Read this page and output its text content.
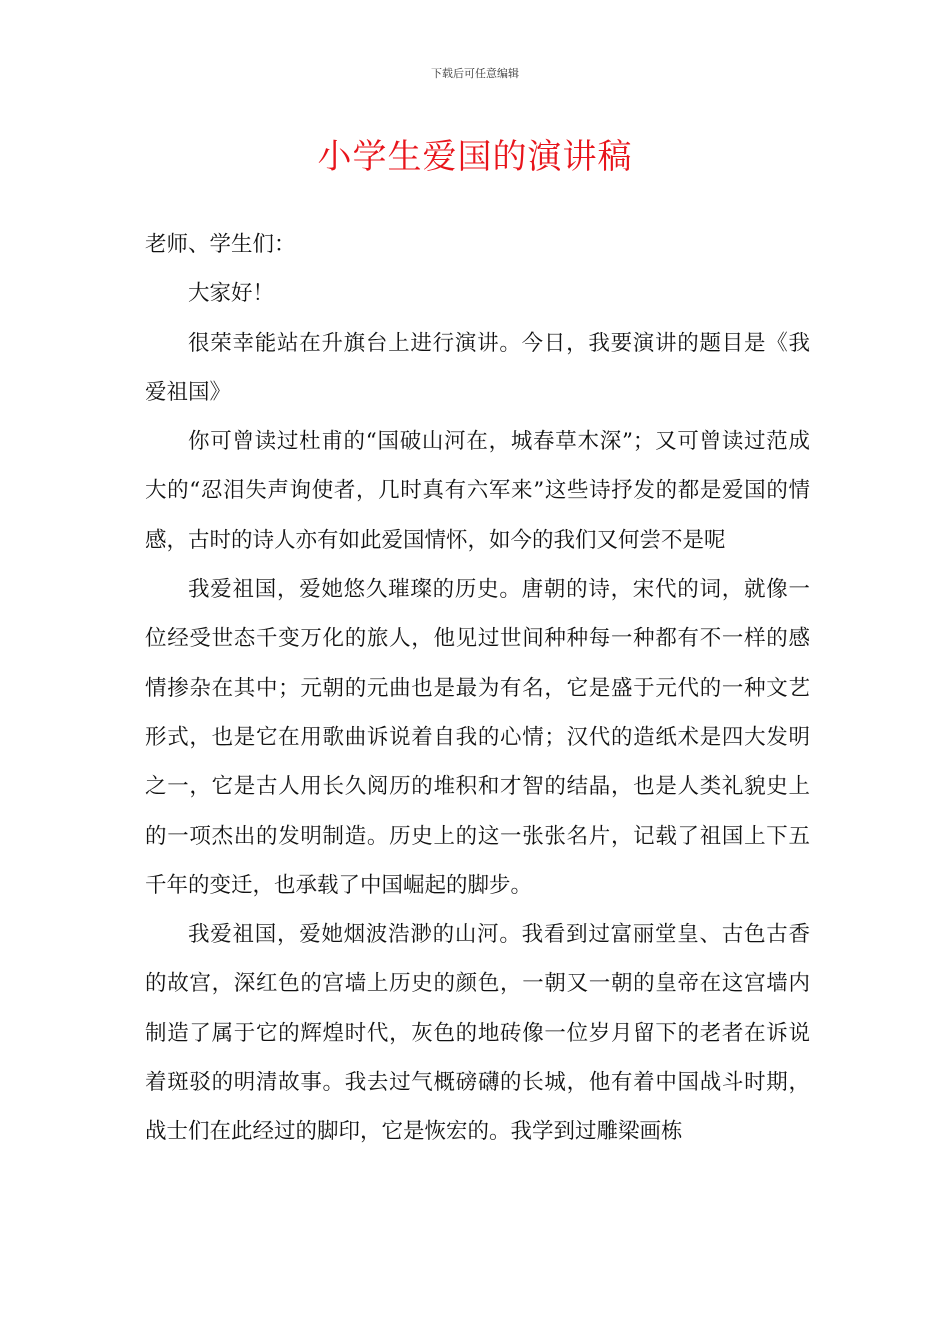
下载后可任意编辑
小学生爱国的演讲稿

老师、学生们：

大家好！

很荣幸能站在升旗台上进行演讲。今日，我要演讲的题目是《我爱祖国》

你可曾读过杜甫的“国破山河在，城春草木深”；又可曾读过范成大的“忍泪失声询使者，几时真有六军来”这些诗抒发的都是爱国的情感，古时的诗人亦有如此爱国情怀，如今的我们又何尝不是呢

我爱祖国，爱她悠久璀璨的历史。唐朝的诗，宋代的词，就像一位经受世态千变万化的旅人，他见过世间种种每一种都有不一样的感情掺杂在其中；元朝的元曲也是最为有名，它是盛于元代的一种文艺形式，也是它在用歌曲诉说着自我的心情；汉代的造纸术是四大发明之一，它是古人用长久阅历的堆积和才智的结晶，也是人类礼貌史上的一项杰出的发明制造。历史上的这一张张名片，记载了祖国上下五千年的变迁，也承载了中国崛起的脚步。

我爱祖国，爱她烟波浩渺的山河。我看到过富丽堂皇、古色古香的故宫，深红色的宫墙上历史的颜色，一朝又一朝的皇帝在这宫墙内制造了属于它的辉煌时代，灰色的地砖像一位岁月留下的老者在诉说着斑驳的明清故事。我去过气概磅礴的长城，他有着中国战斗时期，战士们在此经过的脚印，它是恢宏的。我学到过雕梁画栋
